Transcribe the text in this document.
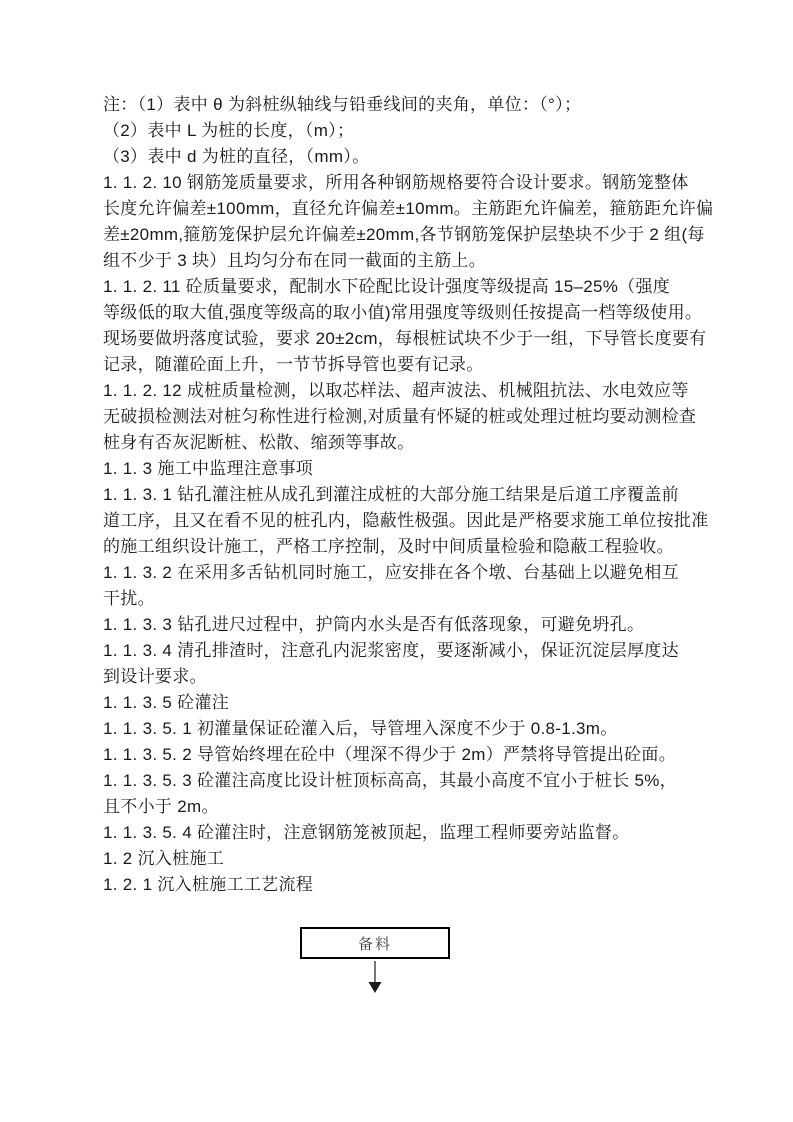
注：（1）表中 θ 为斜桩纵轴线与铅垂线间的夹角，单位：（°）；
（2）表中 L 为桩的长度，（m）；
（3）表中 d 为桩的直径，（mm）。
1. 1. 2. 10 钢筋笼质量要求，所用各种钢筋规格要符合设计要求。钢筋笼整体
长度允许偏差±100mm，直径允许偏差±10mm。主筋距允许偏差，箍筋距允许偏
差±20mm,箍筋笼保护层允许偏差±20mm,各节钢筋笼保护层垫块不少于 2 组(每
组不少于 3 块）且均匀分布在同一截面的主筋上。
1. 1. 2. 11 砼质量要求，配制水下砼配比设计强度等级提高 15–25%（强度
等级低的取大值,强度等级高的取小值)常用强度等级则任按提高一档等级使用。
现场要做坍落度试验，要求 20±2cm，每根桩试块不少于一组，下导管长度要有
记录，随灌砼面上升，一节节拆导管也要有记录。
1. 1. 2. 12 成桩质量检测，以取芯样法、超声波法、机械阻抗法、水电效应等
无破损检测法对桩匀称性进行检测,对质量有怀疑的桩或处理过桩均要动测检查
桩身有否灰泥断桩、松散、缩颈等事故。
1. 1. 3 施工中监理注意事项
1. 1. 3. 1 钻孔灌注桩从成孔到灌注成桩的大部分施工结果是后道工序覆盖前
道工序，且又在看不见的桩孔内，隐蔽性极强。因此是严格要求施工单位按批准
的施工组织设计施工，严格工序控制，及时中间质量检验和隐蔽工程验收。
1. 1. 3. 2 在采用多舌钻机同时施工，应安排在各个墩、台基础上以避免相互
干扰。
1. 1. 3. 3 钻孔进尺过程中，护筒内水头是否有低落现象，可避免坍孔。
1. 1. 3. 4 清孔排渣时，注意孔内泥浆密度，要逐渐减小，保证沉淀层厚度达
到设计要求。
1. 1. 3. 5 砼灌注
1. 1. 3. 5. 1 初灌量保证砼灌入后，导管埋入深度不少于 0.8-1.3m。
1. 1. 3. 5. 2 导管始终埋在砼中（埋深不得少于 2m）严禁将导管提出砼面。
1. 1. 3. 5. 3 砼灌注高度比设计桩顶标高高，其最小高度不宜小于桩长 5%，
且不小于 2m。
1. 1. 3. 5. 4 砼灌注时，注意钢筋笼被顶起，监理工程师要旁站监督。
1. 2 沉入桩施工
1. 2. 1 沉入桩施工工艺流程
备料
